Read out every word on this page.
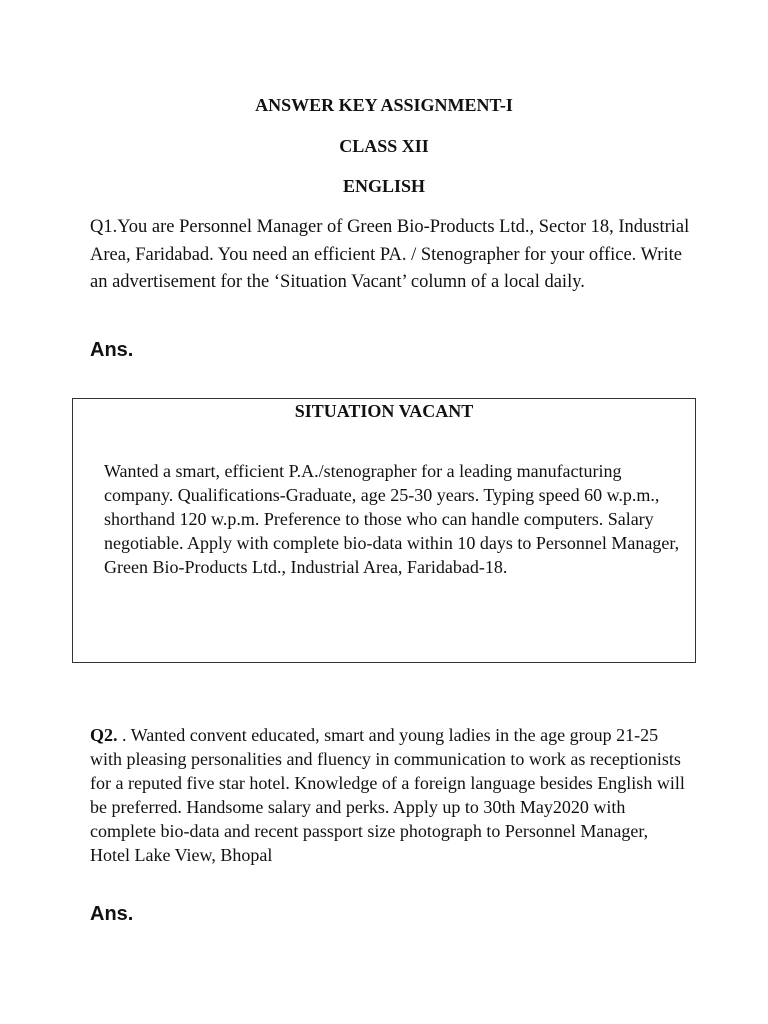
ANSWER KEY ASSIGNMENT-I
CLASS XII
ENGLISH

Q1.You are Personnel Manager of Green Bio-Products Ltd., Sector 18, Industrial Area, Faridabad. You need an efficient PA. / Stenographer for your office. Write an advertisement for the ‘Situation Vacant’ column of a local daily.

Ans.

SITUATION VACANT

Wanted a smart, efficient P.A./stenographer for a leading manufacturing company. Qualifications-Graduate, age 25-30 years. Typing speed 60 w.p.m., shorthand 120 w.p.m. Preference to those who can handle computers. Salary negotiable. Apply with complete bio-data within 10 days to Personnel Manager, Green Bio-Products Ltd., Industrial Area, Faridabad-18.

Q2. . Wanted convent educated, smart and young ladies in the age group 21-25 with pleasing personalities and fluency in communication to work as receptionists for a reputed five star hotel. Knowledge of a foreign language besides English will be preferred. Handsome salary and perks. Apply up to 30th May2020 with complete bio-data and recent passport size photograph to Personnel Manager, Hotel Lake View, Bhopal

Ans.
